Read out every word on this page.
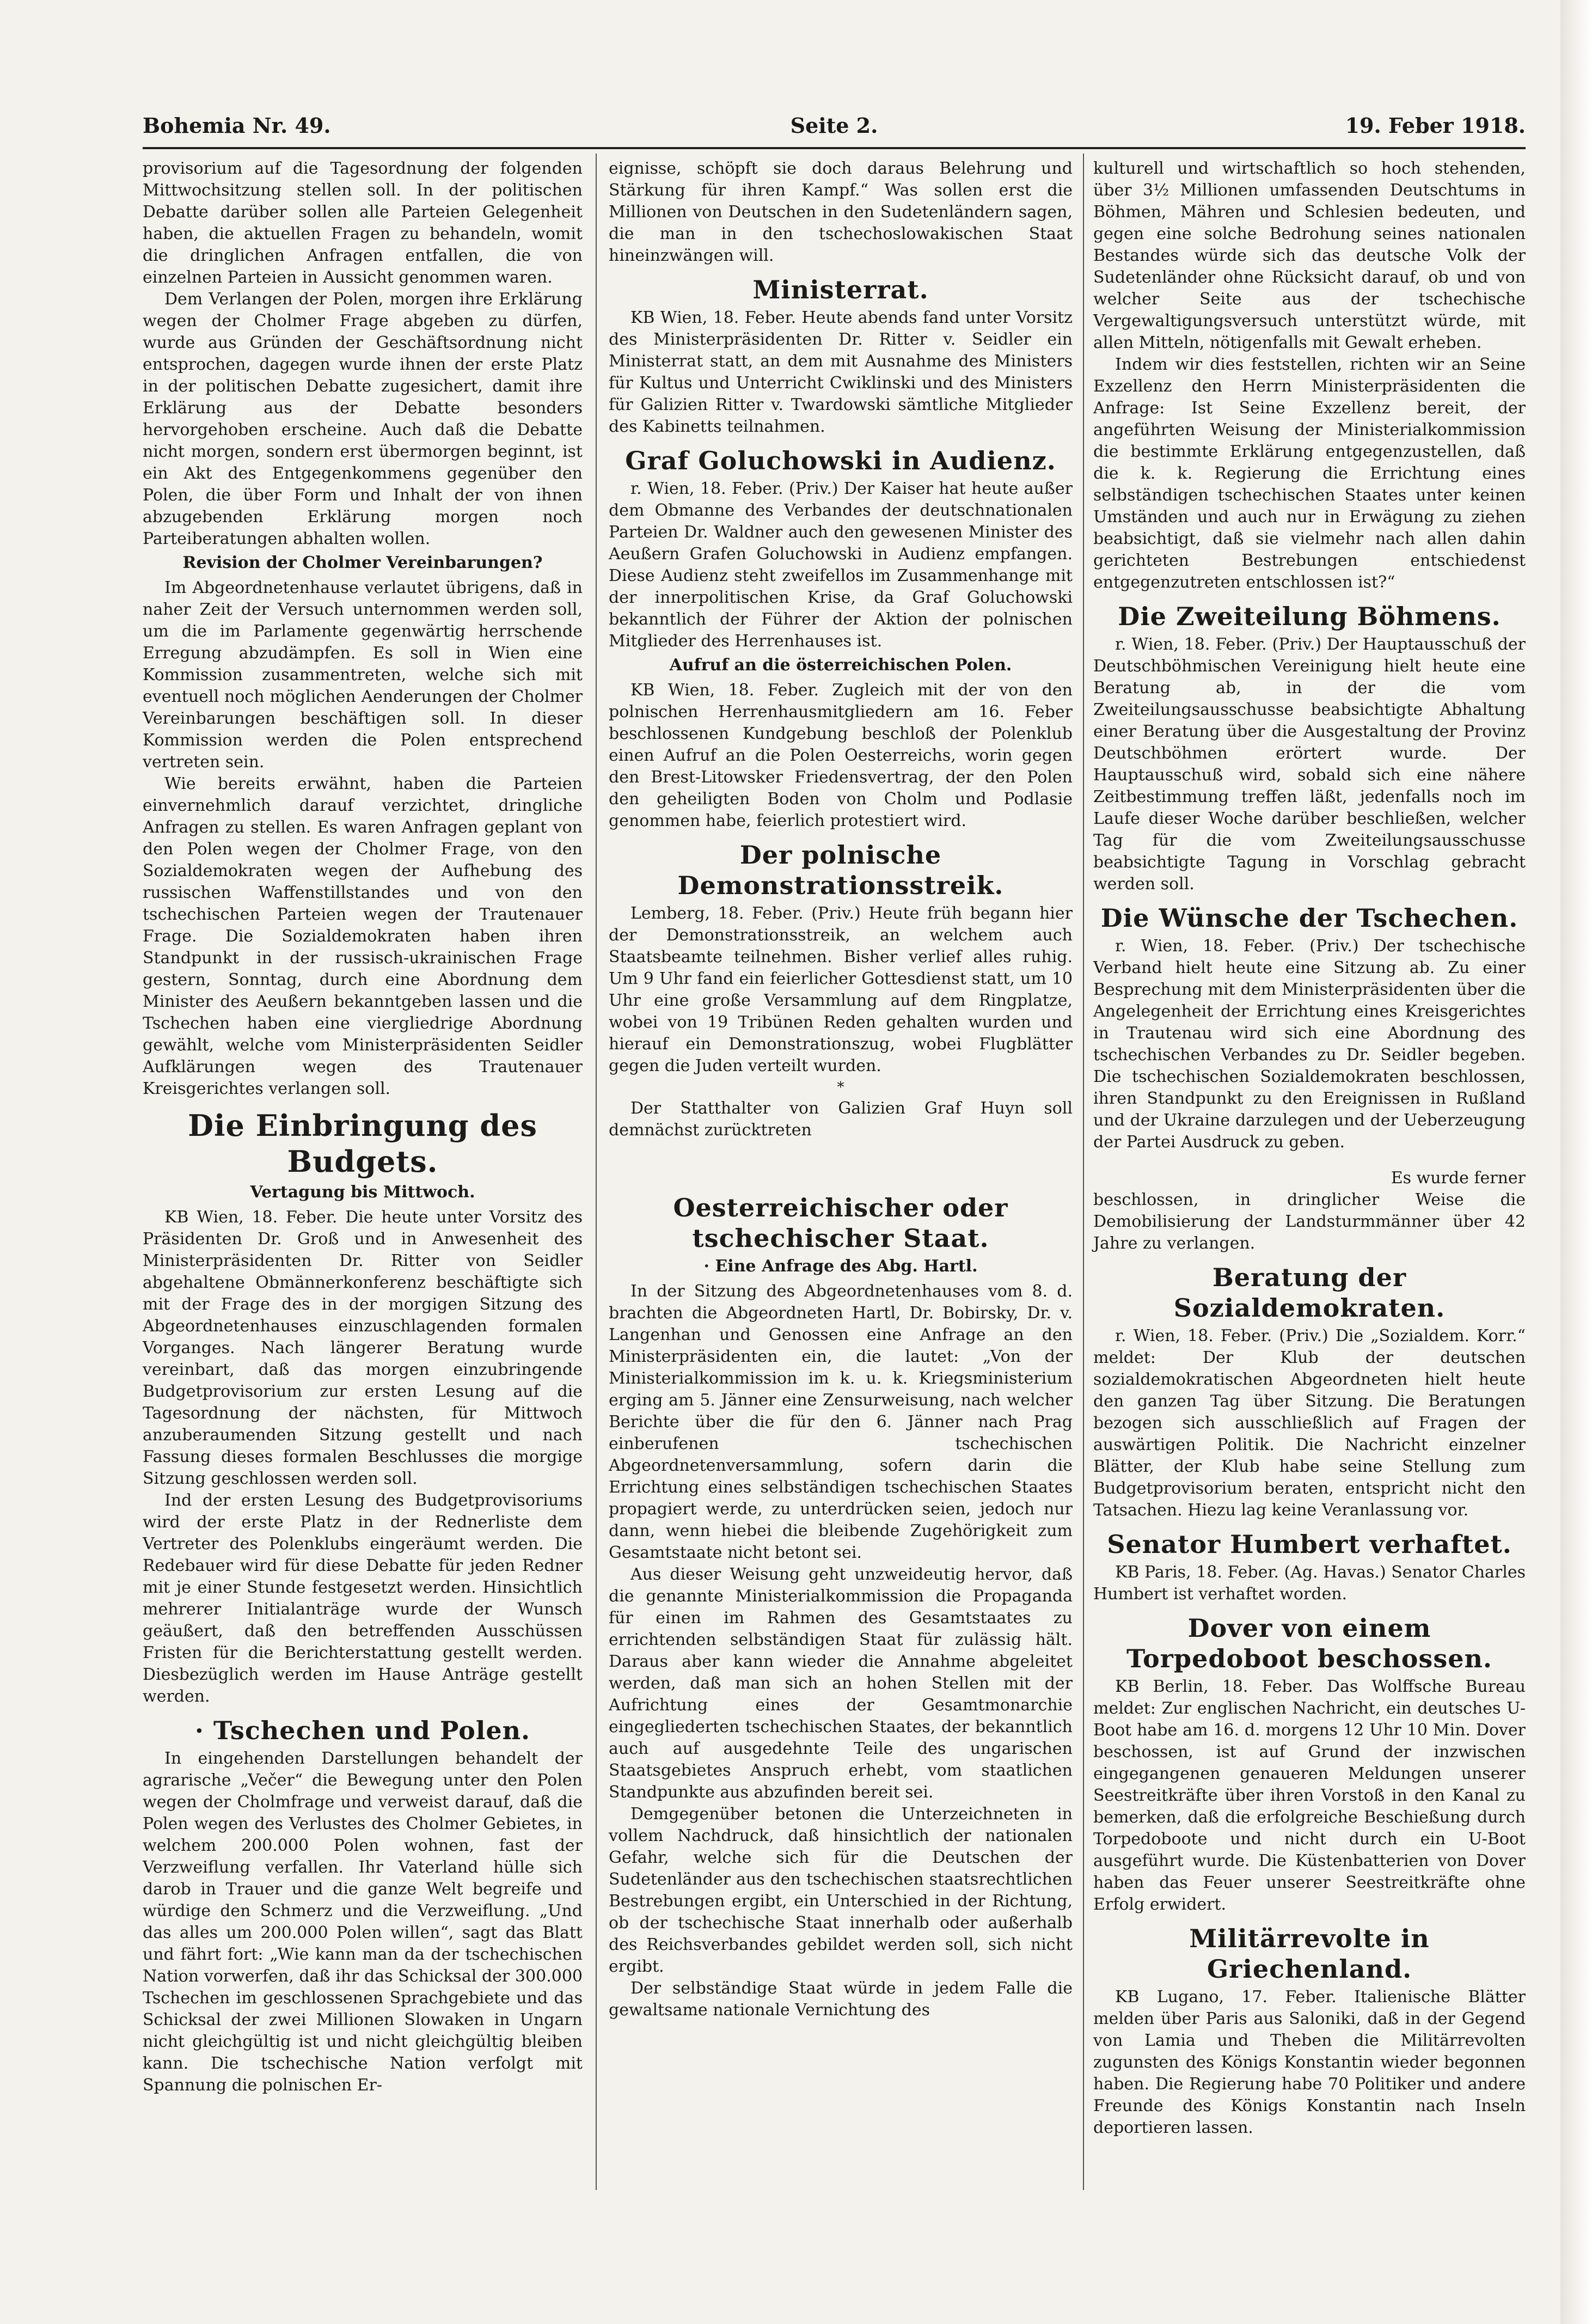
Bohemia Nr. 49.	Seite 2.	19. Feber 1918.

provisorium auf die Tagesordnung der folgenden Mittwochsitzung stellen soll. In der politischen Debatte darüber sollen alle Parteien Gelegenheit haben, die aktuellen Fragen zu behandeln, womit die dringlichen Anfragen entfallen, die von einzelnen Parteien in Aussicht genommen waren.

Dem Verlangen der Polen, morgen ihre Erklärung wegen der Cholmer Frage abgeben zu dürfen, wurde aus Gründen der Geschäftsordnung nicht entsprochen, dagegen wurde ihnen der erste Platz in der politischen Debatte zugesichert, damit ihre Erklärung aus der Debatte besonders hervorgehoben erscheine. Auch daß die Debatte nicht morgen, sondern erst übermorgen beginnt, ist ein Akt des Entgegenkommens gegenüber den Polen, die über Form und Inhalt der von ihnen abzugebenden Erklärung morgen noch Parteiberatungen abhalten wollen.

Revision der Cholmer Vereinbarungen?

Im Abgeordnetenhause verlautet übrigens, daß in naher Zeit der Versuch unternommen werden soll, um die im Parlamente gegenwärtig herrschende Erregung abzudämpfen. Es soll in Wien eine Kommission zusammentreten, welche sich mit eventuell noch möglichen Aenderungen der Cholmer Vereinbarungen beschäftigen soll. In dieser Kommission werden die Polen entsprechend vertreten sein.

Wie bereits erwähnt, haben die Parteien einvernehmlich darauf verzichtet, dringliche Anfragen zu stellen. Es waren Anfragen geplant von den Polen wegen der Cholmer Frage, von den Sozialdemokraten wegen der Aufhebung des russischen Waffenstillstandes und von den tschechischen Parteien wegen der Trautenauer Frage. Die Sozialdemokraten haben ihren Standpunkt in der russisch-ukrainischen Frage gestern, Sonntag, durch eine Abordnung dem Minister des Aeußern bekanntgeben lassen und die Tschechen haben eine viergliedrige Abordnung gewählt, welche vom Ministerpräsidenten Seidler Aufklärungen wegen des Trautenauer Kreisgerichtes verlangen soll.

Die Einbringung des Budgets.
Vertagung bis Mittwoch.

KB Wien, 18. Feber. Die heute unter Vorsitz des Präsidenten Dr. Groß und in Anwesenheit des Ministerpräsidenten Dr. Ritter von Seidler abgehaltene Obmännerkonferenz beschäftigte sich mit der Frage des in der morgigen Sitzung des Abgeordnetenhauses einzuschlagenden formalen Vorganges. Nach längerer Beratung wurde vereinbart, daß das morgen einzubringende Budgetprovisorium zur ersten Lesung auf die Tagesordnung der nächsten, für Mittwoch anzuberaumenden Sitzung gestellt und nach Fassung dieses formalen Beschlusses die morgige Sitzung geschlossen werden soll.

Ind der ersten Lesung des Budgetprovisoriums wird der erste Platz in der Rednerliste dem Vertreter des Polenklubs eingeräumt werden. Die Redebauer wird für diese Debatte für jeden Redner mit je einer Stunde festgesetzt werden. Hinsichtlich mehrerer Initialanträge wurde der Wunsch geäußert, daß den betreffenden Ausschüssen Fristen für die Berichterstattung gestellt werden. Diesbezüglich werden im Hause Anträge gestellt werden.

· Tschechen und Polen.

In eingehenden Darstellungen behandelt der agrarische „Večer“ die Bewegung unter den Polen wegen der Cholmfrage und verweist darauf, daß die Polen wegen des Verlustes des Cholmer Gebietes, in welchem 200.000 Polen wohnen, fast der Verzweiflung verfallen. Ihr Vaterland hülle sich darob in Trauer und die ganze Welt begreife und würdige den Schmerz und die Verzweiflung. „Und das alles um 200.000 Polen willen“, sagt das Blatt und fährt fort: „Wie kann man da der tschechischen Nation vorwerfen, daß ihr das Schicksal der 300.000 Tschechen im geschlossenen Sprachgebiete und das Schicksal der zwei Millionen Slowaken in Ungarn nicht gleichgültig ist und nicht gleichgültig bleiben kann. Die tschechische Nation verfolgt mit Spannung die polnischen Er-

eignisse, schöpft sie doch daraus Belehrung und Stärkung für ihren Kampf.“ Was sollen erst die Millionen von Deutschen in den Sudetenländern sagen, die man in den tschechoslowakischen Staat hineinzwängen will.

Ministerrat.

KB Wien, 18. Feber. Heute abends fand unter Vorsitz des Ministerpräsidenten Dr. Ritter v. Seidler ein Ministerrat statt, an dem mit Ausnahme des Ministers für Kultus und Unterricht Cwiklinski und des Ministers für Galizien Ritter v. Twardowski sämtliche Mitglieder des Kabinetts teilnahmen.

Graf Goluchowski in Audienz.

r. Wien, 18. Feber. (Priv.) Der Kaiser hat heute außer dem Obmanne des Verbandes der deutschnationalen Parteien Dr. Waldner auch den gewesenen Minister des Aeußern Grafen Goluchowski in Audienz empfangen. Diese Audienz steht zweifellos im Zusammenhange mit der innerpolitischen Krise, da Graf Goluchowski bekanntlich der Führer der Aktion der polnischen Mitglieder des Herrenhauses ist.

Aufruf an die österreichischen Polen.

KB Wien, 18. Feber. Zugleich mit der von den polnischen Herrenhausmitgliedern am 16. Feber beschlossenen Kundgebung beschloß der Polenklub einen Aufruf an die Polen Oesterreichs, worin gegen den Brest-Litowsker Friedensvertrag, der den Polen den geheiligten Boden von Cholm und Podlasie genommen habe, feierlich protestiert wird.

Der polnische Demonstrationsstreik.

Lemberg, 18. Feber. (Priv.) Heute früh begann hier der Demonstrationsstreik, an welchem auch Staatsbeamte teilnehmen. Bisher verlief alles ruhig. Um 9 Uhr fand ein feierlicher Gottesdienst statt, um 10 Uhr eine große Versammlung auf dem Ringplatze, wobei von 19 Tribünen Reden gehalten wurden und hierauf ein Demonstrationszug, wobei Flugblätter gegen die Juden verteilt wurden.

*

Der Statthalter von Galizien Graf Huyn soll demnächst zurücktreten

Oesterreichischer oder tschechischer Staat.
· Eine Anfrage des Abg. Hartl.

In der Sitzung des Abgeordnetenhauses vom 8. d. brachten die Abgeordneten Hartl, Dr. Bobirsky, Dr. v. Langenhan und Genossen eine Anfrage an den Ministerpräsidenten ein, die lautet: „Von der Ministerialkommission im k. u. k. Kriegsministerium erging am 5. Jänner eine Zensurweisung, nach welcher Berichte über die für den 6. Jänner nach Prag einberufenen tschechischen Abgeordnetenversammlung, sofern darin die Errichtung eines selbständigen tschechischen Staates propagiert werde, zu unterdrücken seien, jedoch nur dann, wenn hiebei die bleibende Zugehörigkeit zum Gesamtstaate nicht betont sei.

Aus dieser Weisung geht unzweideutig hervor, daß die genannte Ministerialkommission die Propaganda für einen im Rahmen des Gesamtstaates zu errichtenden selbständigen Staat für zulässig hält. Daraus aber kann wieder die Annahme abgeleitet werden, daß man sich an hohen Stellen mit der Aufrichtung eines der Gesamtmonarchie eingegliederten tschechischen Staates, der bekanntlich auch auf ausgedehnte Teile des ungarischen Staatsgebietes Anspruch erhebt, vom staatlichen Standpunkte aus abzufinden bereit sei.

Demgegenüber betonen die Unterzeichneten in vollem Nachdruck, daß hinsichtlich der nationalen Gefahr, welche sich für die Deutschen der Sudetenländer aus den tschechischen staatsrechtlichen Bestrebungen ergibt, ein Unterschied in der Richtung, ob der tschechische Staat innerhalb oder außerhalb des Reichsverbandes gebildet werden soll, sich nicht ergibt.

Der selbständige Staat würde in jedem Falle die gewaltsame nationale Vernichtung des

kulturell und wirtschaftlich so hoch stehenden, über 3½ Millionen umfassenden Deutschtums in Böhmen, Mähren und Schlesien bedeuten, und gegen eine solche Bedrohung seines nationalen Bestandes würde sich das deutsche Volk der Sudetenländer ohne Rücksicht darauf, ob und von welcher Seite aus der tschechische Vergewaltigungsversuch unterstützt würde, mit allen Mitteln, nötigenfalls mit Gewalt erheben.

Indem wir dies feststellen, richten wir an Seine Exzellenz den Herrn Ministerpräsidenten die Anfrage: Ist Seine Exzellenz bereit, der angeführten Weisung der Ministerialkommission die bestimmte Erklärung entgegenzustellen, daß die k. k. Regierung die Errichtung eines selbständigen tschechischen Staates unter keinen Umständen und auch nur in Erwägung zu ziehen beabsichtigt, daß sie vielmehr nach allen dahin gerichteten Bestrebungen entschiedenst entgegenzutreten entschlossen ist?“

Die Zweiteilung Böhmens.

r. Wien, 18. Feber. (Priv.) Der Hauptausschuß der Deutschböhmischen Vereinigung hielt heute eine Beratung ab, in der die vom Zweiteilungsausschusse beabsichtigte Abhaltung einer Beratung über die Ausgestaltung der Provinz Deutschböhmen erörtert wurde. Der Hauptausschuß wird, sobald sich eine nähere Zeitbestimmung treffen läßt, jedenfalls noch im Laufe dieser Woche darüber beschließen, welcher Tag für die vom Zweiteilungsausschusse beabsichtigte Tagung in Vorschlag gebracht werden soll.

Die Wünsche der Tschechen.

r. Wien, 18. Feber. (Priv.) Der tschechische Verband hielt heute eine Sitzung ab. Zu einer Besprechung mit dem Ministerpräsidenten über die Angelegenheit der Errichtung eines Kreisgerichtes in Trautenau wird sich eine Abordnung des tschechischen Verbandes zu Dr. Seidler begeben. Die tschechischen Sozialdemokraten beschlossen, ihren Standpunkt zu den Ereignissen in Rußland und der Ukraine darzulegen und der Ueberzeugung der Partei Ausdruck zu geben.

Es wurde ferner

beschlossen, in dringlicher Weise die Demobilisierung der Landsturmmänner über 42 Jahre zu verlangen.

Beratung der Sozialdemokraten.

r. Wien, 18. Feber. (Priv.) Die „Sozialdem. Korr.“ meldet: Der Klub der deutschen sozialdemokratischen Abgeordneten hielt heute den ganzen Tag über Sitzung. Die Beratungen bezogen sich ausschließlich auf Fragen der auswärtigen Politik. Die Nachricht einzelner Blätter, der Klub habe seine Stellung zum Budgetprovisorium beraten, entspricht nicht den Tatsachen. Hiezu lag keine Veranlassung vor.

Senator Humbert verhaftet.

KB Paris, 18. Feber. (Ag. Havas.) Senator Charles Humbert ist verhaftet worden.

Dover von einem Torpedoboot beschossen.

KB Berlin, 18. Feber. Das Wolffsche Bureau meldet: Zur englischen Nachricht, ein deutsches U-Boot habe am 16. d. morgens 12 Uhr 10 Min. Dover beschossen, ist auf Grund der inzwischen eingegangenen genaueren Meldungen unserer Seestreitkräfte über ihren Vorstoß in den Kanal zu bemerken, daß die erfolgreiche Beschießung durch Torpedoboote und nicht durch ein U-Boot ausgeführt wurde. Die Küstenbatterien von Dover haben das Feuer unserer Seestreitkräfte ohne Erfolg erwidert.

Militärrevolte in Griechenland.

KB Lugano, 17. Feber. Italienische Blätter melden über Paris aus Saloniki, daß in der Gegend von Lamia und Theben die Militärrevolten zugunsten des Königs Konstantin wieder begonnen haben. Die Regierung habe 70 Politiker und andere Freunde des Königs Konstantin nach Inseln deportieren lassen.
